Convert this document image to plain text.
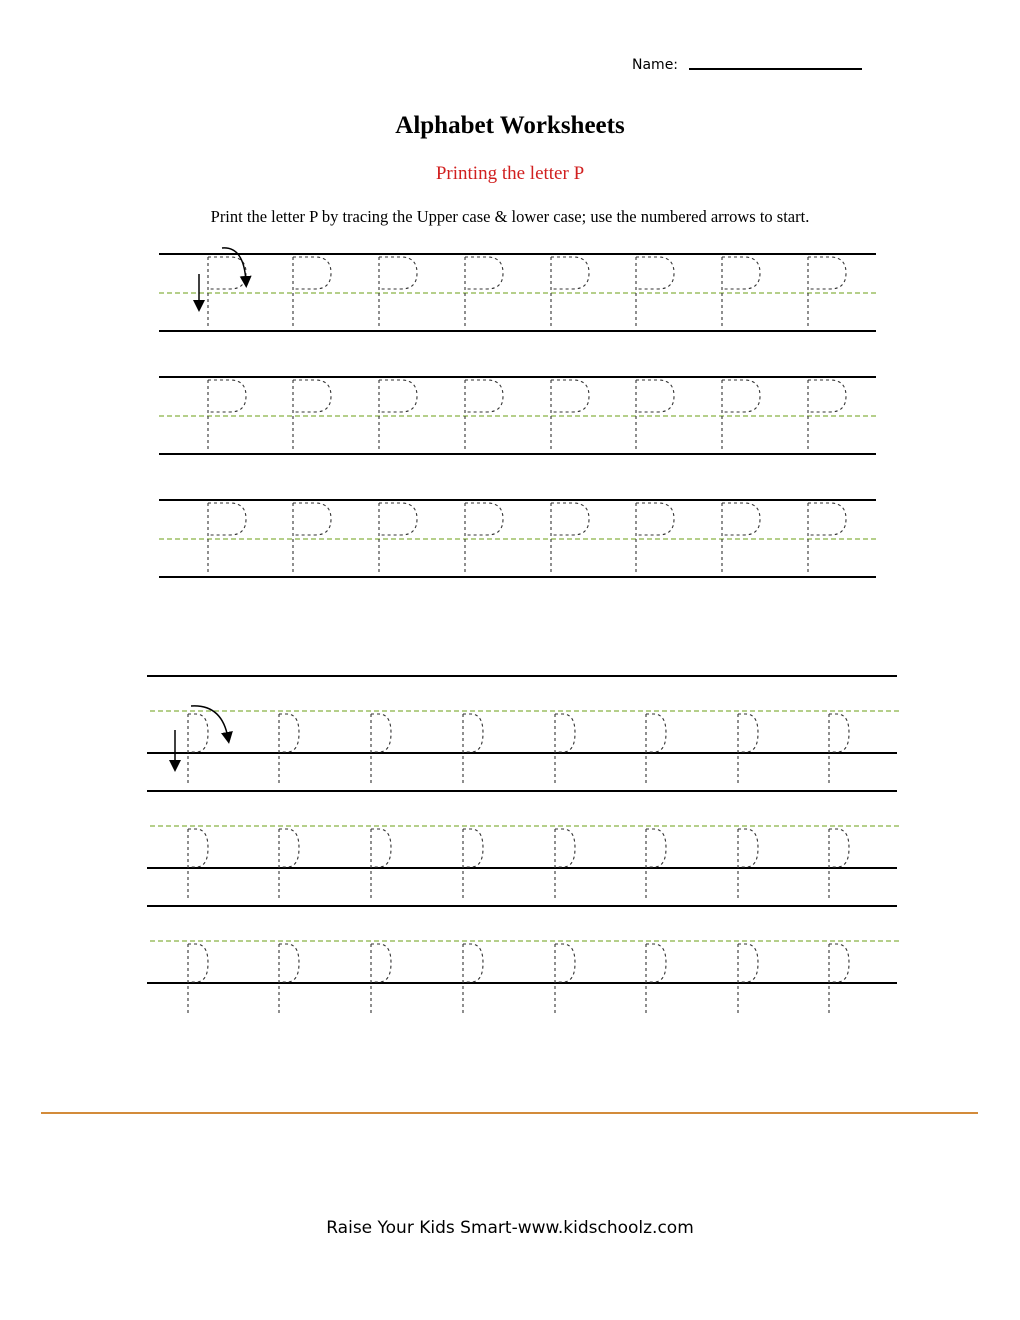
Name:
Alphabet Worksheets
Printing the letter P
Print the letter P by tracing the Upper case & lower case; use the numbered arrows to start.
Raise Your Kids Smart-www.kidschoolz.com
